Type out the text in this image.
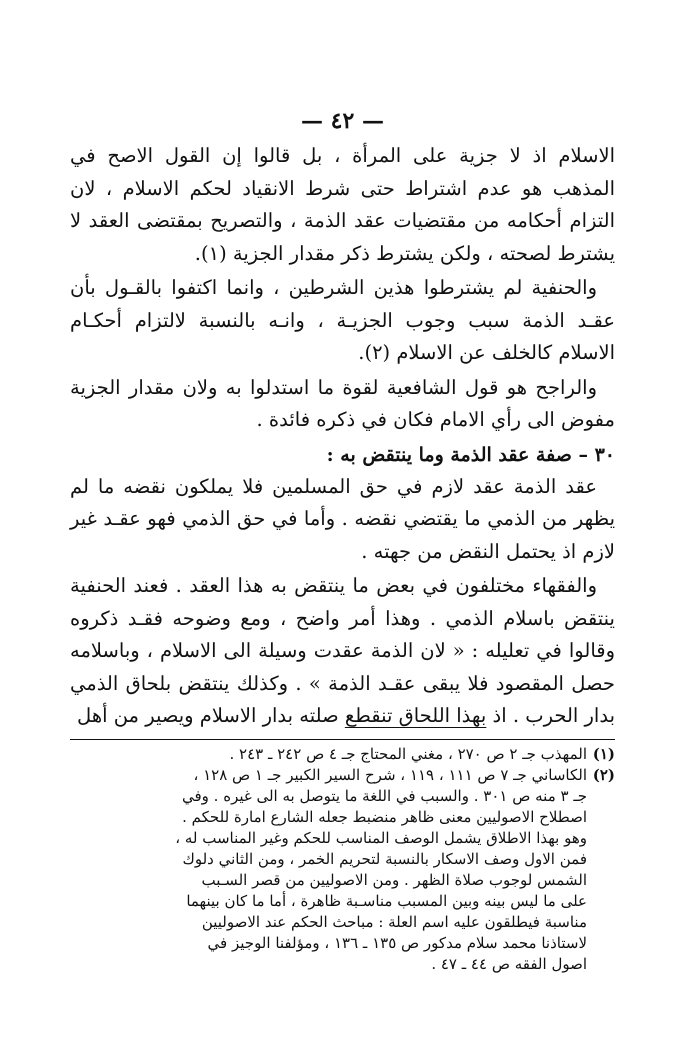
— ٤٢ —

الاسلام اذ لا جزية على المرأة ، بل قالوا إن القول الاصح في المذهب هو عدم اشتراط حتى شرط الانقياد لحكم الاسلام ، لان التزام أحكامه من مقتضيات عقد الذمة ، والتصريح بمقتضى العقد لا يشترط لصحته ، ولكن يشترط ذكر مقدار الجزية (١).

والحنفية لم يشترطوا هذين الشرطين ، وانما اكتفوا بالقـول بأن عقـد الذمة سبب وجوب الجزيـة ، وانـه بالنسبة لالتزام أحكـام الاسلام كالخلف عن الاسلام (٢).

والراجح هو قول الشافعية لقوة ما استدلوا به ولان مقدار الجزية مفوض الى رأي الامام فكان في ذكره فائدة .

٣٠ – صفة عقد الذمة وما ينتقض به :

عقد الذمة عقد لازم في حق المسلمين فلا يملكون نقضه ما لم يظهر من الذمي ما يقتضي نقضه . وأما في حق الذمي فهو عقـد غير لازم اذ يحتمل النقض من جهته .

والفقهاء مختلفون في بعض ما ينتقض به هذا العقد . فعند الحنفية ينتقض باسلام الذمي . وهذا أمر واضح ، ومع وضوحه فقـد ذكروه وقالوا في تعليله : « لان الذمة عقدت وسيلة الى الاسلام ، وباسلامه حصل المقصود فلا يبقى عقـد الذمة » . وكذلك ينتقض بلحاق الذمي بدار الحرب . اذ بهذا اللحاق تنقطع صلته بدار الاسلام ويصير من أهل

(١)
المهذب جـ ٢ ص ٢٧٠ ، مغني المحتاج جـ ٤ ص ٢٤٢ ـ ٢٤٣ .
(٢)
الكاساني جـ ٧ ص ١١١ ، ١١٩ ، شرح السير الكبير جـ ١ ص ١٢٨ ،
جـ ٣ منه ص ٣٠١ . والسبب في اللغة ما يتوصل به الى غيره . وفي
اصطلاح الاصوليين معنى ظاهر منضبط جعله الشارع امارة للحكم .
وهو بهذا الاطلاق يشمل الوصف المناسب للحكم وغير المناسب له ،
فمن الاول وصف الاسكار بالنسبة لتحريم الخمر ، ومن الثاني دلوك
الشمس لوجوب صلاة الظهر . ومن الاصوليين من قصر السـبب
على ما ليس بينه وبين المسبب مناسـبة ظاهرة ، أما ما كان بينهما
مناسبة فيطلقون عليه اسم العلة : مباحث الحكم عند الاصوليين
لاستاذنا محمد سلام مدكور ص ١٣٥ ـ ١٣٦ ، ومؤلفنا الوجيز في
اصول الفقه ص ٤٤ ـ ٤٧ .
